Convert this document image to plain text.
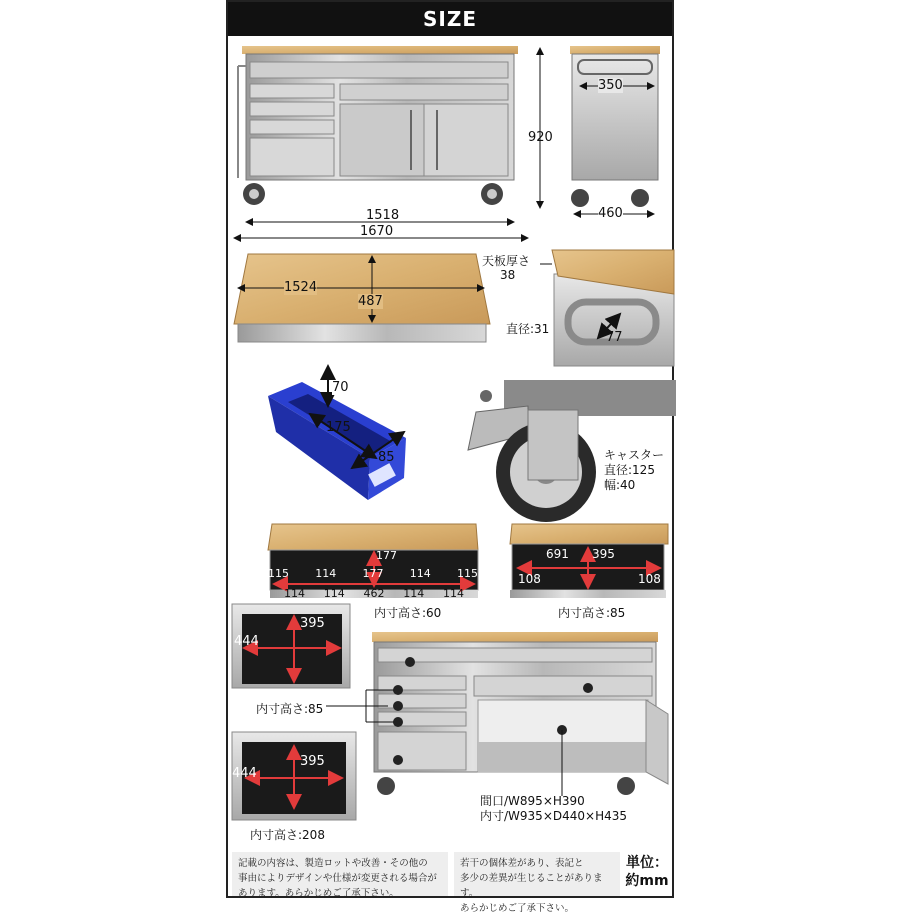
SIZE
920
1518
1670
350
460
1524
487
天板厚さ
38
直径:31
77
70
175
85	キャスター
直径:125
幅:40
177
115 114 177 114 115
114 114 462 114 114
内寸高さ:60
691 395
108	108
内寸高さ:85
444
395
内寸高さ:85
444
395
内寸高さ:208
間口/W895×H390
内寸/W935×D440×H435
記載の内容は、製造ロットや改善・その他の
事由によりデザインや仕様が変更される場合が
あります。あらかじめご了承下さい。
若干の個体差があり、表記と
多少の差異が生じることがあります。
あらかじめご了承下さい。
単位：
約mm
